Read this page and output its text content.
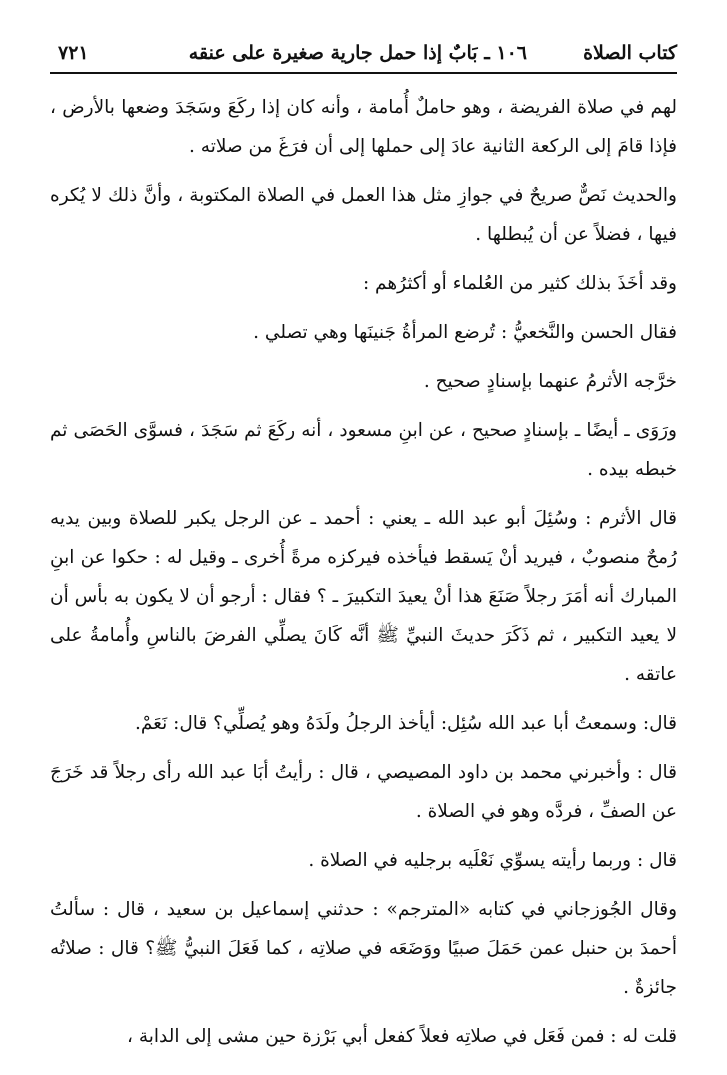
كتاب الصلاة
١٠٦ ـ بَابٌ إذا حمل جارية صغيرة على عنقه
٧٢١

لهم في صلاة الفريضة ، وهو حاملٌ أُمامة ، وأنه كان إذا ركَعَ وسَجَدَ وضعها بالأرض ، فإذا قامَ إلى الركعة الثانية عادَ إلى حملها إلى أن فرَغَ من صلاته .

والحديث نَصٌّ صريحٌ في جوازِ مثل هذا العمل في الصلاة المكتوبة ، وأنَّ ذلك لا يُكره فيها ، فضلاً عن أن يُبطلها .

وقد أخَذَ بذلك كثير من العُلماء أو أكثرُهم :

فقال الحسن والنَّخعيُّ : تُرضع المرأةُ جَنينَها وهي تصلي .

خرَّجه الأثرمُ عنهما بإسنادٍ صحيح .

ورَوَى ـ أيضًا ـ بإسنادٍ صحيح ، عن ابنِ مسعود ، أنه ركَعَ ثم سَجَدَ ، فسوَّى الحَصَى ثم خبطه بيده .

قال الأثرم : وسُئِلَ أبو عبد الله ـ يعني : أحمد ـ عن الرجل يكبر للصلاة وبين يديه رُمحٌ منصوبٌ ، فيريد أنْ يَسقط فيأخذه فيركزه مرةً أُخرى ـ وقيل له : حكوا عن ابنِ المبارك أنه أمَرَ رجلاً صَنَعَ هذا أنْ يعيدَ التكبيرَ ـ ؟ فقال : أرجو أن لا يكون به بأس أن لا يعيد التكبير ، ثم ذَكَرَ حديثَ النبيِّ ﷺ أنَّه كَانَ يصلِّي الفرضَ بالناسِ وأُمامةُ على عاتقه .

قال: وسمعتُ أبا عبد الله سُئِل: أيأخذ الرجلُ ولَدَهُ وهو يُصلِّي؟ قال: نَعَمْ.

قال : وأخبرني محمد بن داود المصيصي ، قال : رأيتُ أبَا عبد الله رأى رجلاً قد خَرَجَ عن الصفِّ ، فردَّه وهو في الصلاة .

قال : وربما رأيته يسوِّي نَعْلَيه برجليه في الصلاة .

وقال الجُوزجاني في كتابه «المترجم» : حدثني إسماعيل بن سعيد ، قال : سألتُ أحمدَ بن حنبل عمن حَمَلَ صبيًا ووَضَعَه في صلاتِه ، كما فَعَلَ النبيُّ ﷺ؟ قال : صلاتُه جائزةٌ .

قلت له : فمن فَعَل في صلاتِه فعلاً كفعل أبي بَرْزة حين مشى إلى الدابة ،
